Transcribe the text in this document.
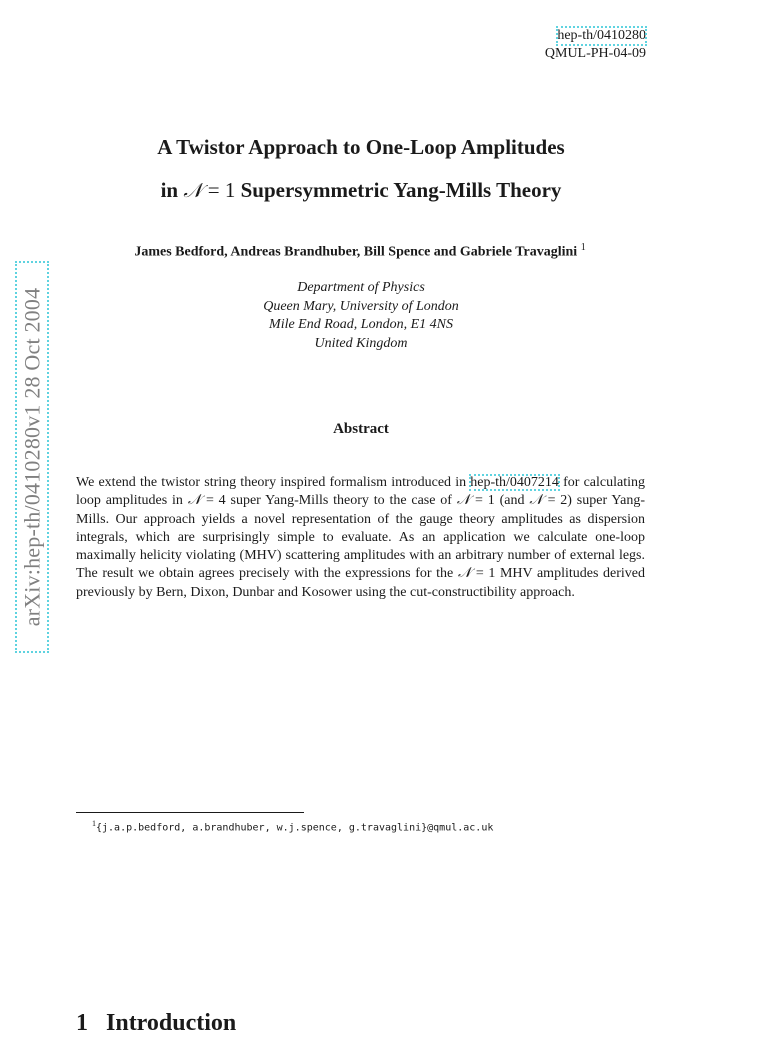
hep-th/0410280
QMUL-PH-04-09
A Twistor Approach to One-Loop Amplitudes
in 𝒩 = 1 Supersymmetric Yang-Mills Theory
James Bedford, Andreas Brandhuber, Bill Spence and Gabriele Travaglini $^1$
Department of Physics
Queen Mary, University of London
Mile End Road, London, E1 4NS
United Kingdom
Abstract
We extend the twistor string theory inspired formalism introduced in hep-th/0407214 for calculating loop amplitudes in 𝒩 = 4 super Yang-Mills theory to the case of 𝒩 = 1 (and 𝒩 = 2) super Yang-Mills. Our approach yields a novel representation of the gauge theory amplitudes as dispersion integrals, which are surprisingly simple to evaluate. As an application we calculate one-loop maximally helicity violating (MHV) scattering amplitudes with an arbitrary number of external legs. The result we obtain agrees precisely with the expressions for the 𝒩 = 1 MHV amplitudes derived previously by Bern, Dixon, Dunbar and Kosower using the cut-constructibility approach.
arXiv:hep-th/0410280v1 28 Oct 2004
$^1${j.a.p.bedford, a.brandhuber, w.j.spence, g.travaglini}@qmul.ac.uk
1 Introduction
